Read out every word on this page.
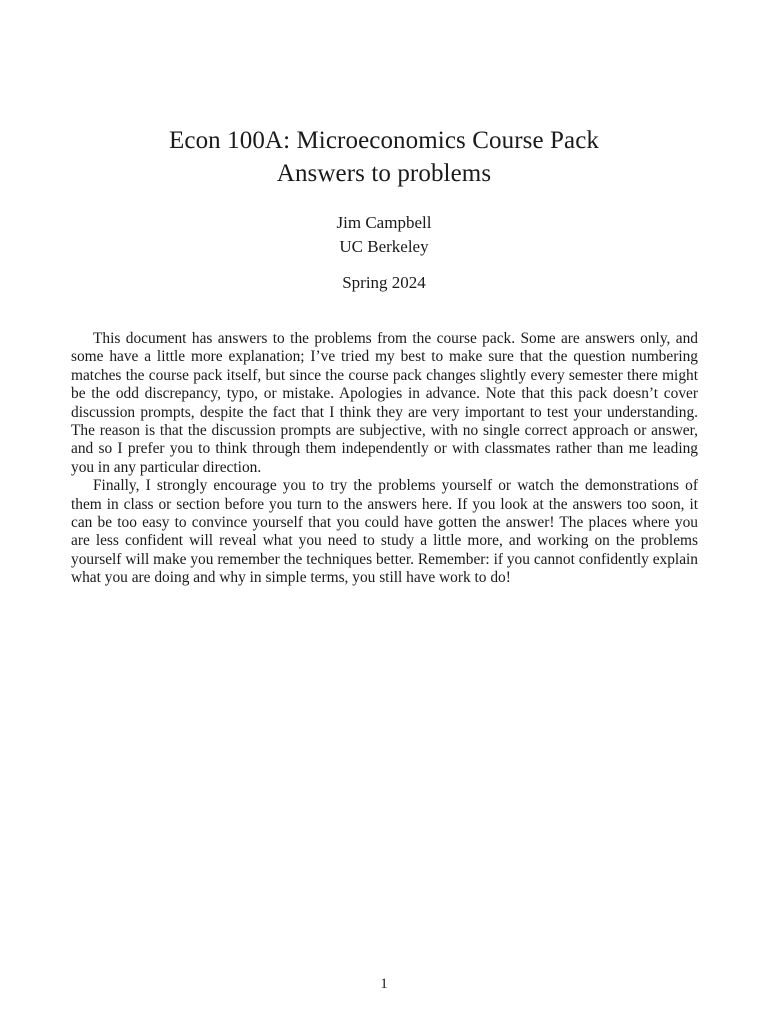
Econ 100A: Microeconomics Course Pack
Answers to problems
Jim Campbell
UC Berkeley
Spring 2024

This document has answers to the problems from the course pack. Some are answers only, and some have a little more explanation; I’ve tried my best to make sure that the question numbering matches the course pack itself, but since the course pack changes slightly every semester there might be the odd discrepancy, typo, or mistake. Apologies in advance. Note that this pack doesn’t cover discussion prompts, despite the fact that I think they are very important to test your understanding. The reason is that the discussion prompts are subjective, with no single correct approach or answer, and so I prefer you to think through them independently or with classmates rather than me leading you in any particular direction.

Finally, I strongly encourage you to try the problems yourself or watch the demonstrations of them in class or section before you turn to the answers here. If you look at the answers too soon, it can be too easy to convince yourself that you could have gotten the answer! The places where you are less confident will reveal what you need to study a little more, and working on the problems yourself will make you remember the techniques better. Remember: if you cannot confidently explain what you are doing and why in simple terms, you still have work to do!

1
